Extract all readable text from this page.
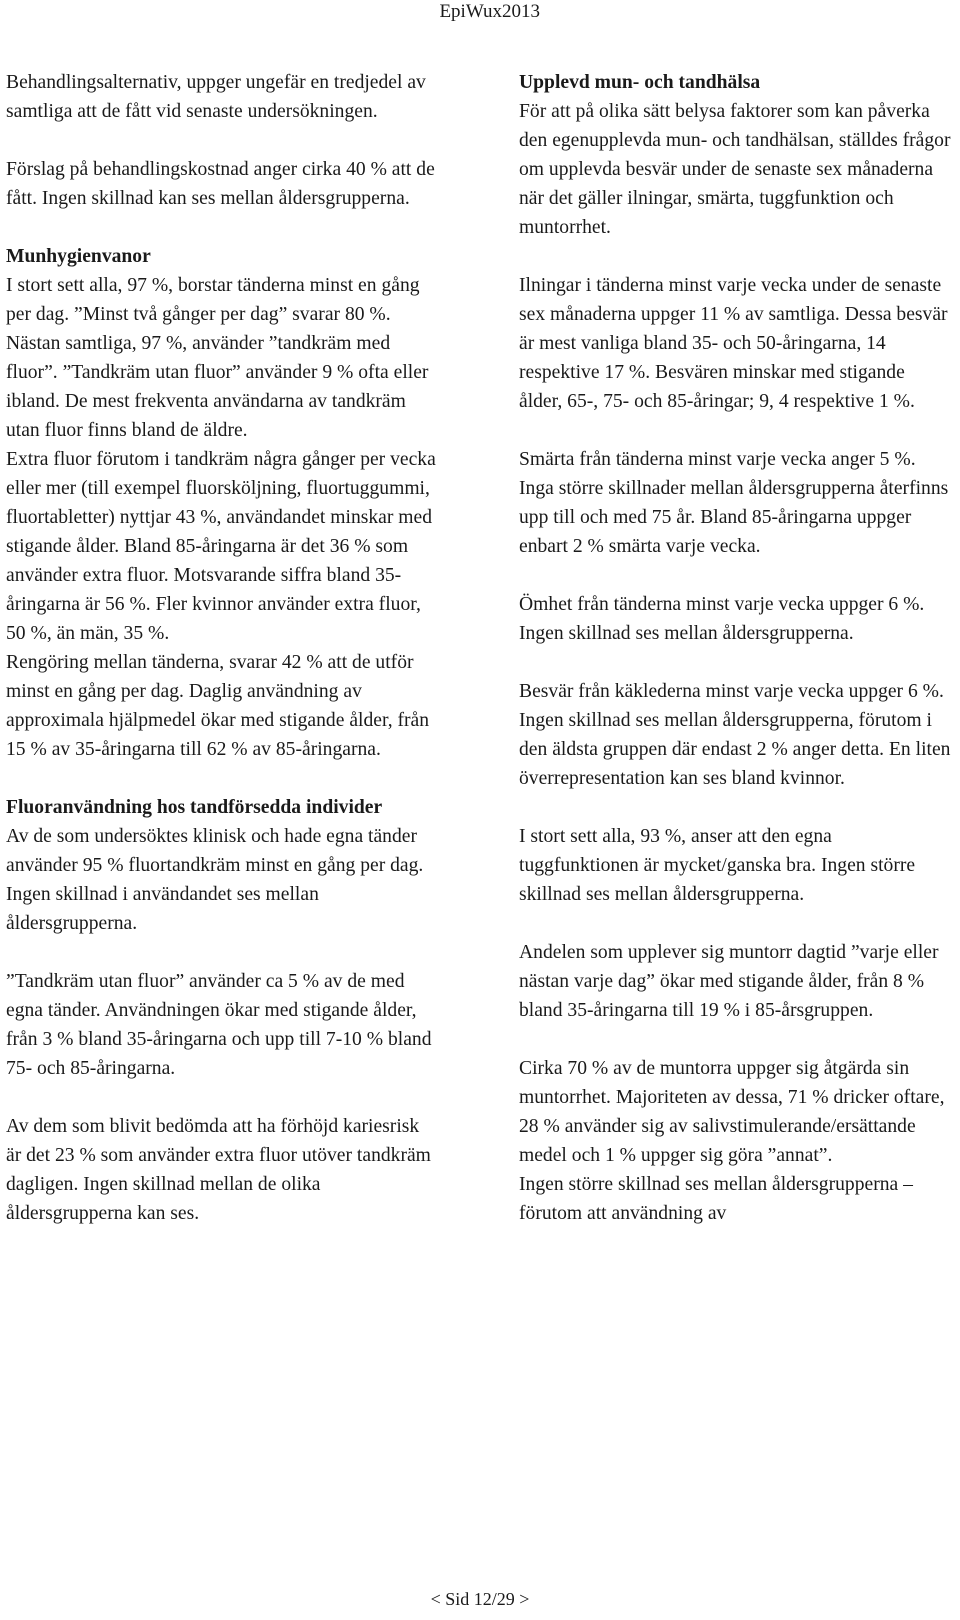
EpiWux2013

Behandlingsalternativ, uppger ungefär en tredjedel av samtliga att de fått vid senaste undersökningen.

Förslag på behandlingskostnad anger cirka 40 % att de fått. Ingen skillnad kan ses mellan åldersgrupperna.

Munhygienvanor

I stort sett alla, 97 %, borstar tänderna minst en gång per dag. ”Minst två gånger per dag” svarar 80 %. Nästan samtliga, 97 %, använder ”tandkräm med fluor”. ”Tandkräm utan fluor” använder 9 % ofta eller ibland. De mest frekventa användarna av tandkräm utan fluor finns bland de äldre.

Extra fluor förutom i tandkräm några gånger per vecka eller mer (till exempel fluorsköljning, fluortuggummi, fluortabletter) nyttjar 43 %, användandet minskar med stigande ålder. Bland 85-åringarna är det 36 % som använder extra fluor. Motsvarande siffra bland 35-åringarna är 56 %. Fler kvinnor använder extra fluor, 50 %, än män, 35 %.

Rengöring mellan tänderna, svarar 42 % att de utför minst en gång per dag. Daglig användning av approximala hjälpmedel ökar med stigande ålder, från 15 % av 35-åringarna till 62 % av 85-åringarna.

Fluoranvändning hos tandförsedda individer

Av de som undersöktes klinisk och hade egna tänder använder 95 % fluortandkräm minst en gång per dag. Ingen skillnad i användandet ses mellan åldersgrupperna.

”Tandkräm utan fluor” använder ca 5 % av de med egna tänder. Användningen ökar med stigande ålder, från 3 % bland 35-åringarna och upp till 7-10 % bland 75- och 85-åringarna.

Av dem som blivit bedömda att ha förhöjd kariesrisk är det 23 % som använder extra fluor utöver tandkräm dagligen. Ingen skillnad mellan de olika åldersgrupperna kan ses.

Upplevd mun- och tandhälsa

För att på olika sätt belysa faktorer som kan påverka den egenupplevda mun- och tandhälsan, ställdes frågor om upplevda besvär under de senaste sex månaderna när det gäller ilningar, smärta, tuggfunktion och muntorrhet.

Ilningar i tänderna minst varje vecka under de senaste sex månaderna uppger 11 % av samtliga. Dessa besvär är mest vanliga bland 35- och 50-åringarna, 14 respektive 17 %. Besvären minskar med stigande ålder, 65-, 75- och 85-åringar; 9, 4 respektive 1 %.

Smärta från tänderna minst varje vecka anger 5 %. Inga större skillnader mellan åldersgrupperna återfinns upp till och med 75 år. Bland 85-åringarna uppger enbart 2 % smärta varje vecka.

Ömhet från tänderna minst varje vecka uppger 6 %. Ingen skillnad ses mellan åldersgrupperna.

Besvär från käklederna minst varje vecka uppger 6 %. Ingen skillnad ses mellan åldersgrupperna, förutom i den äldsta gruppen där endast 2 % anger detta. En liten överrepresentation kan ses bland kvinnor.

I stort sett alla, 93 %, anser att den egna tuggfunktionen är mycket/ganska bra. Ingen större skillnad ses mellan åldersgrupperna.

Andelen som upplever sig muntorr dagtid ”varje eller nästan varje dag” ökar med stigande ålder, från 8 % bland 35-åringarna till 19 % i 85-årsgruppen.

Cirka 70 % av de muntorra uppger sig åtgärda sin muntorrhet. Majoriteten av dessa, 71 % dricker oftare, 28 % använder sig av salivstimulerande/ersättande medel och 1 % uppger sig göra ”annat”.

Ingen större skillnad ses mellan åldersgrupperna – förutom att användning av

< Sid 12/29 >
